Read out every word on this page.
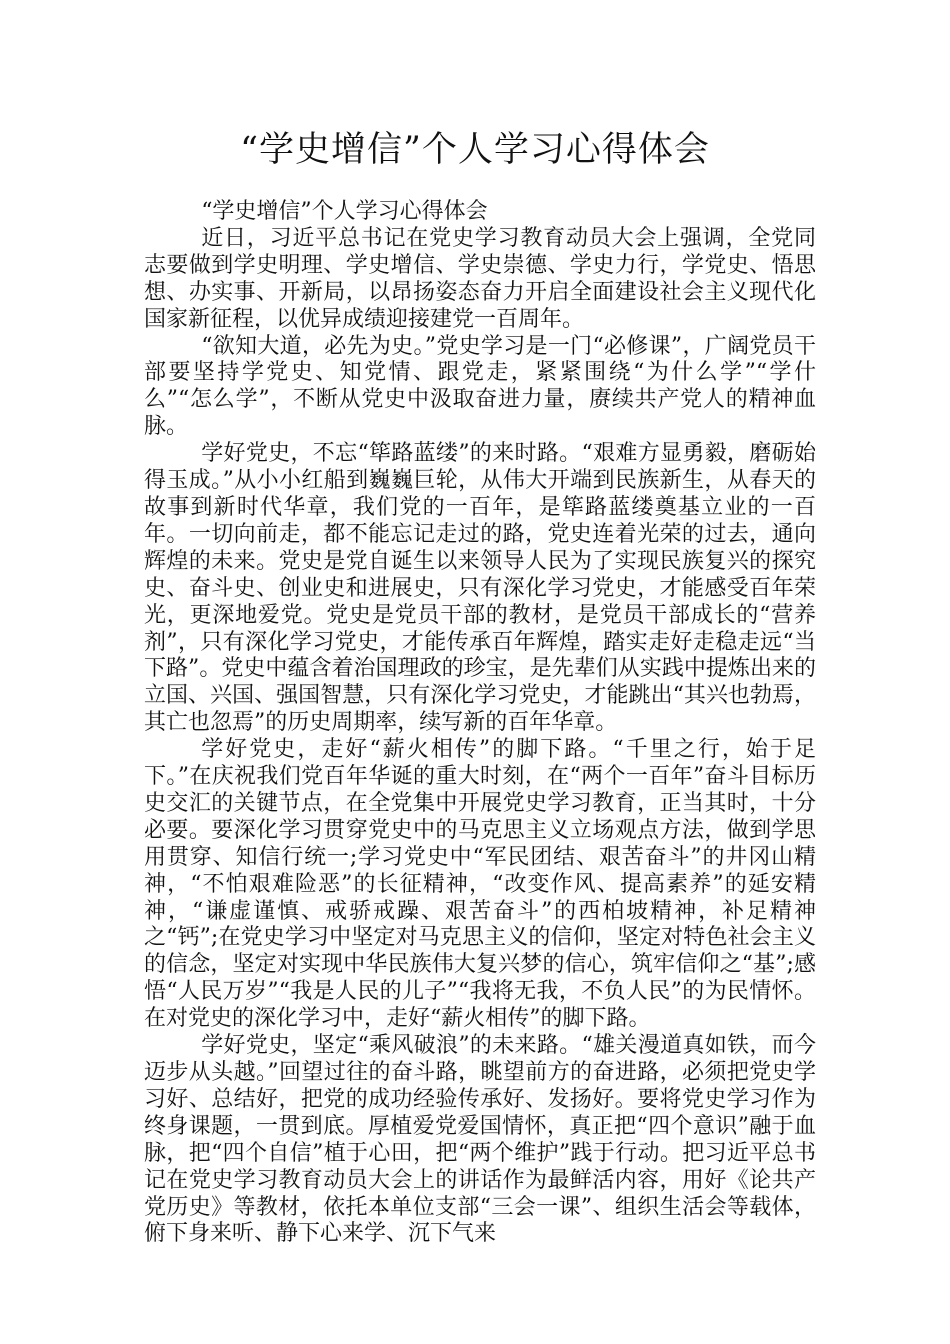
“学史增信”个人学习心得体会

“学史增信”个人学习心得体会

近日，习近平总书记在党史学习教育动员大会上强调，全党同志要做到学史明理、学史增信、学史崇德、学史力行，学党史、悟思想、办实事、开新局，以昂扬姿态奋力开启全面建设社会主义现代化国家新征程，以优异成绩迎接建党一百周年。

“欲知大道，必先为史。”党史学习是一门“必修课”，广阔党员干部要坚持学党史、知党情、跟党走，紧紧围绕“为什么学”“学什么”“怎么学”，不断从党史中汲取奋进力量，赓续共产党人的精神血脉。

学好党史，不忘“筚路蓝缕”的来时路。“艰难方显勇毅，磨砺始得玉成。”从小小红船到巍巍巨轮，从伟大开端到民族新生，从春天的故事到新时代华章，我们党的一百年，是筚路蓝缕奠基立业的一百年。一切向前走，都不能忘记走过的路，党史连着光荣的过去，通向辉煌的未来。党史是党自诞生以来领导人民为了实现民族复兴的探究史、奋斗史、创业史和进展史，只有深化学习党史，才能感受百年荣光，更深地爱党。党史是党员干部的教材，是党员干部成长的“营养剂”，只有深化学习党史，才能传承百年辉煌，踏实走好走稳走远“当下路”。党史中蕴含着治国理政的珍宝，是先辈们从实践中提炼出来的立国、兴国、强国智慧，只有深化学习党史，才能跳出“其兴也勃焉，其亡也忽焉”的历史周期率，续写新的百年华章。

学好党史，走好“薪火相传”的脚下路。“千里之行，始于足下。”在庆祝我们党百年华诞的重大时刻，在“两个一百年”奋斗目标历史交汇的关键节点，在全党集中开展党史学习教育，正当其时，十分必要。要深化学习贯穿党史中的马克思主义立场观点方法，做到学思用贯穿、知信行统一;学习党史中“军民团结、艰苦奋斗”的井冈山精神，“不怕艰难险恶”的长征精神，“改变作风、提高素养”的延安精神，“谦虚谨慎、戒骄戒躁、艰苦奋斗”的西柏坡精神，补足精神之“钙”;在党史学习中坚定对马克思主义的信仰，坚定对特色社会主义的信念，坚定对实现中华民族伟大复兴梦的信心，筑牢信仰之“基”;感悟“人民万岁”“我是人民的儿子”“我将无我，不负人民”的为民情怀。在对党史的深化学习中，走好“薪火相传”的脚下路。

学好党史，坚定“乘风破浪”的未来路。“雄关漫道真如铁，而今迈步从头越。”回望过往的奋斗路，眺望前方的奋进路，必须把党史学习好、总结好，把党的成功经验传承好、发扬好。要将党史学习作为终身课题，一贯到底。厚植爱党爱国情怀，真正把“四个意识”融于血脉，把“四个自信”植于心田，把“两个维护”践于行动。把习近平总书记在党史学习教育动员大会上的讲话作为最鲜活内容，用好《论共产党历史》等教材，依托本单位支部“三会一课”、组织生活会等载体，俯下身来听、静下心来学、沉下气来
